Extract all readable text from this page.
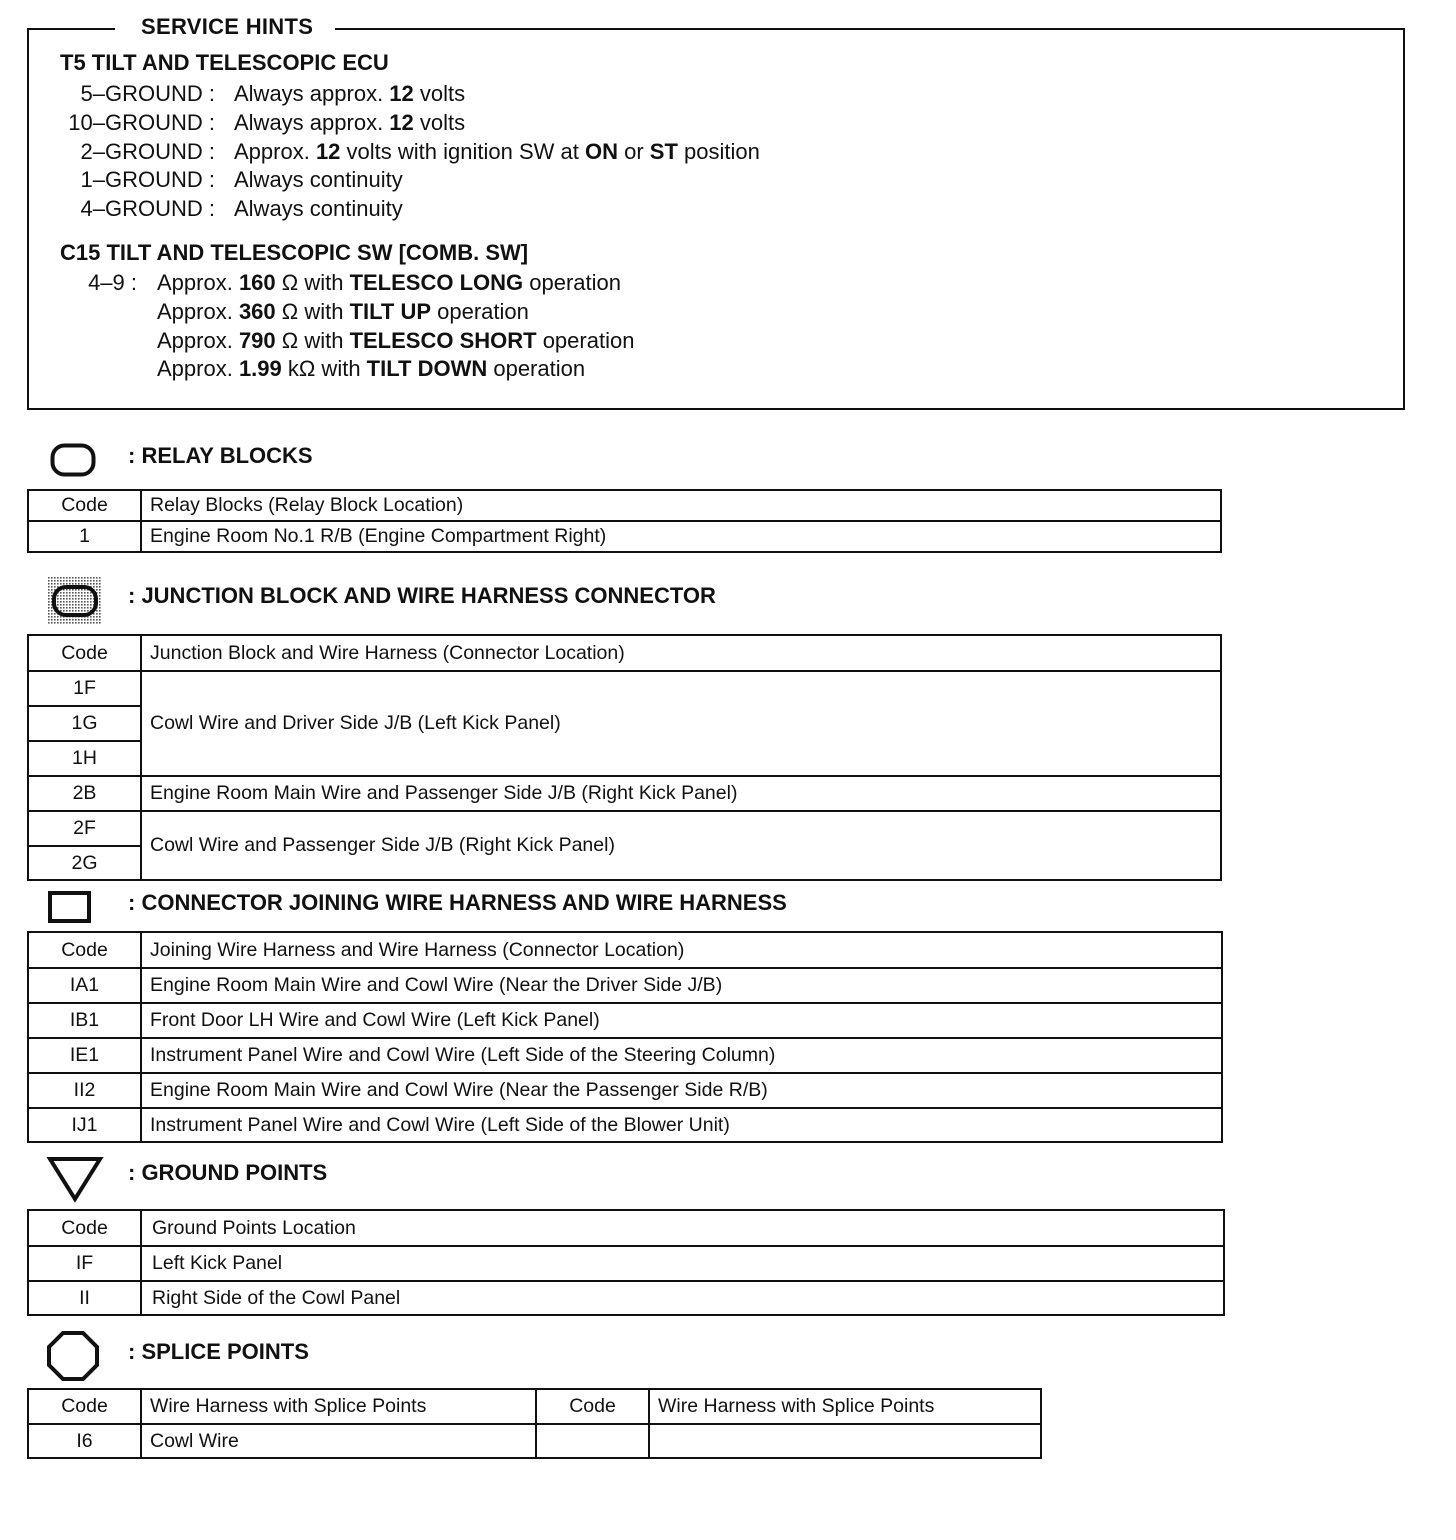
SERVICE HINTS
T5 TILT AND TELESCOPIC ECU
5–GROUND : Always approx. 12 volts
10–GROUND : Always approx. 12 volts
2–GROUND : Approx. 12 volts with ignition SW at ON or ST position
1–GROUND : Always continuity
4–GROUND : Always continuity
C15 TILT AND TELESCOPIC SW [COMB. SW]
4–9 : Approx. 160 Ω with TELESCO LONG operation
Approx. 360 Ω with TILT UP operation
Approx. 790 Ω with TELESCO SHORT operation
Approx. 1.99 kΩ with TILT DOWN operation
: RELAY BLOCKS
Code	Relay Blocks (Relay Block Location)
1	Engine Room No.1 R/B (Engine Compartment Right)
: JUNCTION BLOCK AND WIRE HARNESS CONNECTOR
Code	Junction Block and Wire Harness (Connector Location)
1F	Cowl Wire and Driver Side J/B (Left Kick Panel)
1G	
1H	
2B	Engine Room Main Wire and Passenger Side J/B (Right Kick Panel)
2F	Cowl Wire and Passenger Side J/B (Right Kick Panel)
2G	
: CONNECTOR JOINING WIRE HARNESS AND WIRE HARNESS
Code	Joining Wire Harness and Wire Harness (Connector Location)
IA1	Engine Room Main Wire and Cowl Wire (Near the Driver Side J/B)
IB1	Front Door LH Wire and Cowl Wire (Left Kick Panel)
IE1	Instrument Panel Wire and Cowl Wire (Left Side of the Steering Column)
II2	Engine Room Main Wire and Cowl Wire (Near the Passenger Side R/B)
IJ1	Instrument Panel Wire and Cowl Wire (Left Side of the Blower Unit)
: GROUND POINTS
Code	Ground Points Location
IF	Left Kick Panel
II	Right Side of the Cowl Panel
: SPLICE POINTS
Code	Wire Harness with Splice Points	Code	Wire Harness with Splice Points
I6	Cowl Wire		
